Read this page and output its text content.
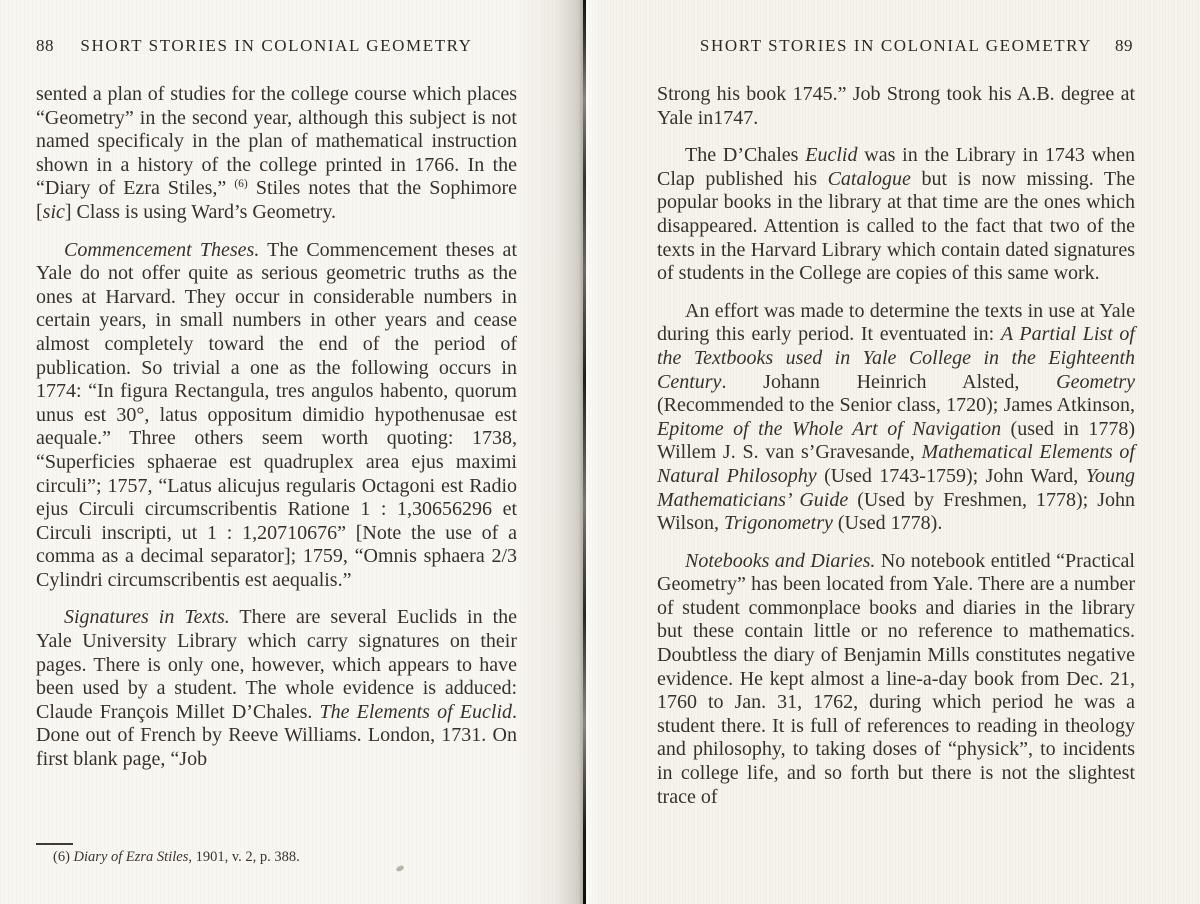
88	SHORT STORIES IN COLONIAL GEOMETRY

sented a plan of studies for the college course which places “Geometry” in the second year, although this subject is not named specificaly in the plan of mathematical instruction shown in a history of the college printed in 1766. In the “Diary of Ezra Stiles,” $^{(6)}$ Stiles notes that the Sophimore [sic] Class is using Ward’s Geometry.

Commencement Theses. The Commencement theses at Yale do not offer quite as serious geometric truths as the ones at Harvard. They occur in considerable numbers in certain years, in small numbers in other years and cease almost completely toward the end of the period of publication. So trivial a one as the following occurs in 1774: “In figura Rectangula, tres angulos habento, quorum unus est 30°, latus oppositum dimidio hypothenusae est aequale.” Three others seem worth quoting: 1738, “Superficies sphaerae est quadruplex area ejus maximi circuli”; 1757, “Latus alicujus regularis Octagoni est Radio ejus Circuli circumscribentis Ratione 1 : 1,30656296 et Circuli inscripti, ut 1 : 1,20710676” [Note the use of a comma as a decimal separator]; 1759, “Omnis sphaera 2/3 Cylindri circumscribentis est aequalis.”

Signatures in Texts. There are several Euclids in the Yale University Library which carry signatures on their pages. There is only one, however, which appears to have been used by a student. The whole evidence is adduced: Claude François Millet D’Chales. The Elements of Euclid. Done out of French by Reeve Williams. London, 1731. On first blank page, “Job

(6) Diary of Ezra Stiles, 1901, v. 2, p. 388.

SHORT STORIES IN COLONIAL GEOMETRY	89

Strong his book 1745.” Job Strong took his A.B. degree at Yale in1747.

The D’Chales Euclid was in the Library in 1743 when Clap published his Catalogue but is now missing. The popular books in the library at that time are the ones which disappeared. Attention is called to the fact that two of the texts in the Harvard Library which contain dated signatures of students in the College are copies of this same work.

An effort was made to determine the texts in use at Yale during this early period. It eventuated in: A Partial List of the Textbooks used in Yale College in the Eighteenth Century. Johann Heinrich Alsted, Geometry (Recommended to the Senior class, 1720); James Atkinson, Epitome of the Whole Art of Navigation (used in 1778) Willem J. S. van s’Gravesande, Mathematical Elements of Natural Philosophy (Used 1743-1759); John Ward, Young Mathematicians’ Guide (Used by Freshmen, 1778); John Wilson, Trigonometry (Used 1778).

Notebooks and Diaries. No notebook entitled “Practical Geometry” has been located from Yale. There are a number of student commonplace books and diaries in the library but these contain little or no reference to mathematics. Doubtless the diary of Benjamin Mills constitutes negative evidence. He kept almost a line-a-day book from Dec. 21, 1760 to Jan. 31, 1762, during which period he was a student there. It is full of references to reading in theology and philosophy, to taking doses of “physick”, to incidents in college life, and so forth but there is not the slightest trace of
